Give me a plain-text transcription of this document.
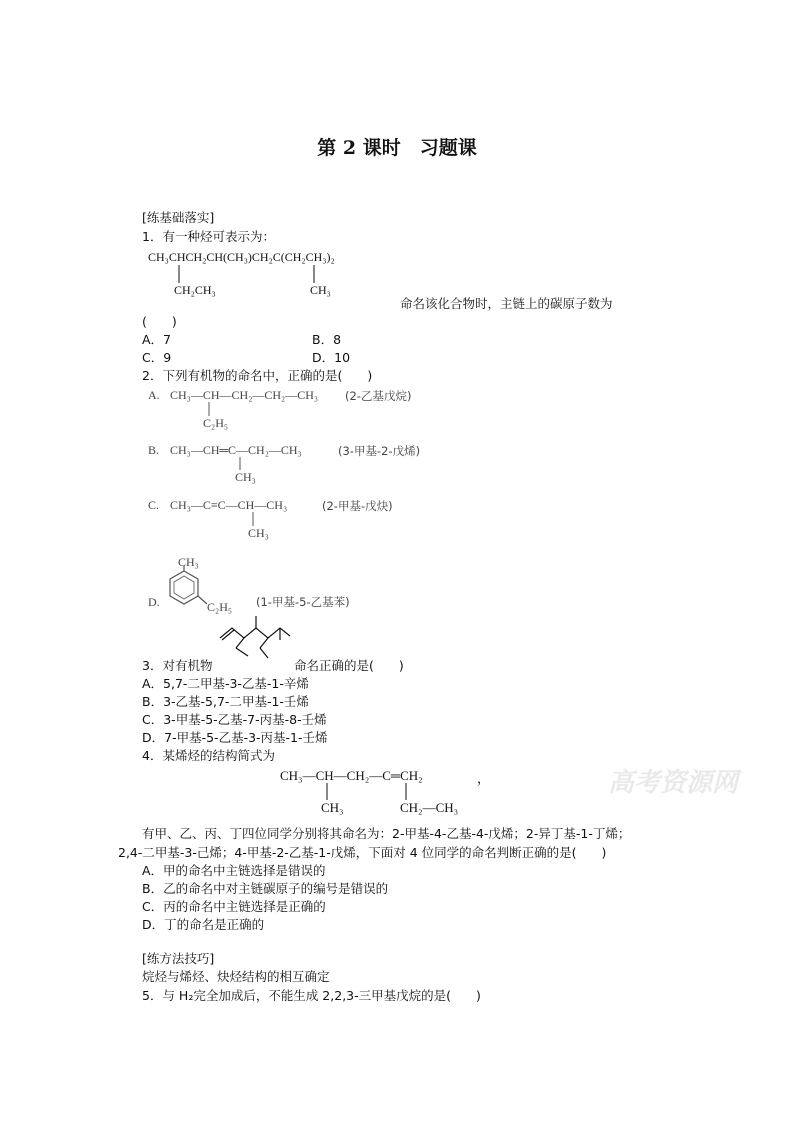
第 2 课时　习题课
[练基础落实]
1．有一种烃可表示为：
CH₃CHCH₂CH(CH₃)CH₂C(CH₂CH₃)₂
CH₂CH₃	CH₃
命名该化合物时，主链上的碳原子数为
(　　)
A．7	B．8
C．9	D．10
2．下列有机物的命名中，正确的是(　　)
A. CH₃—CH—CH₂—CH₂—CH₃
C₂H₅
(2-乙基戊烷)
B. CH₃—CH═C—CH₂—CH₃
CH₃
(3-甲基-2-戊烯)
C. CH₃—C≡C—CH—CH₃
CH₃
(2-甲基-戊炔)
D.
CH₃
C₂H₅ (1-甲基-5-乙基苯)
3．对有机物	命名正确的是(　　)
A．5,7-二甲基-3-乙基-1-辛烯
B．3-乙基-5,7-二甲基-1-壬烯
C．3-甲基-5-乙基-7-丙基-8-壬烯
D．7-甲基-5-乙基-3-丙基-1-壬烯
4．某烯烃的结构简式为
CH₃—CH—CH₂—C═CH₂	，
CH₃	CH₂—CH₃
高考资源网
有甲、乙、丙、丁四位同学分别将其命名为：2-甲基-4-乙基-4-戊烯；2-异丁基-1-丁烯；
2,4-二甲基-3-己烯；4-甲基-2-乙基-1-戊烯，下面对 4 位同学的命名判断正确的是(　　)
A．甲的命名中主链选择是错误的
B．乙的命名中对主链碳原子的编号是错误的
C．丙的命名中主链选择是正确的
D．丁的命名是正确的
[练方法技巧]
烷烃与烯烃、炔烃结构的相互确定
5．与 H₂完全加成后，不能生成 2,2,3-三甲基戊烷的是(　　)
